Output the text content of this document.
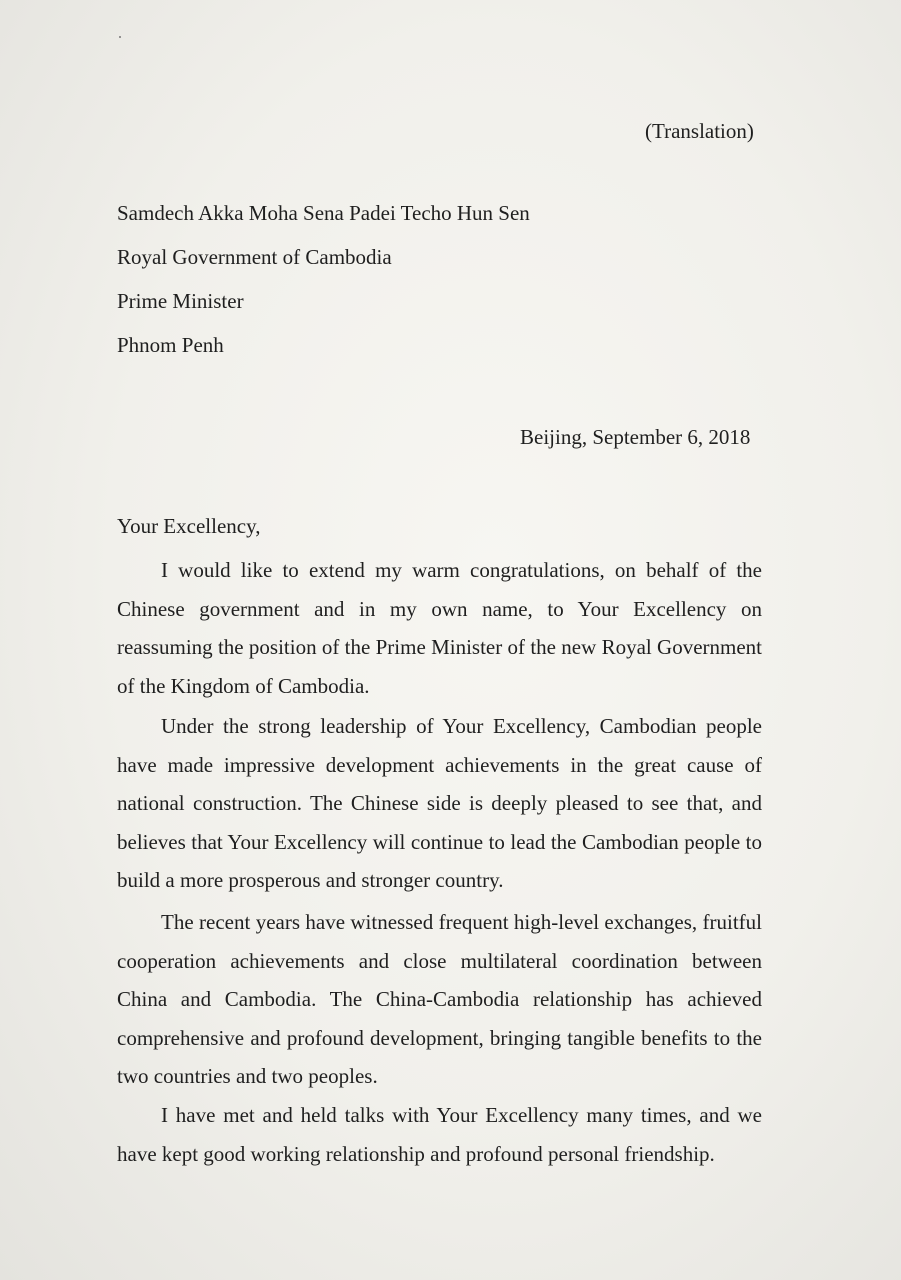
(Translation)
Samdech Akka Moha Sena Padei Techo Hun Sen
Royal Government of Cambodia
Prime Minister
Phnom Penh
Beijing, September 6, 2018
Your Excellency,

I would like to extend my warm congratulations, on behalf of the Chinese government and in my own name, to Your Excellency on reassuming the position of the Prime Minister of the new Royal Government of the Kingdom of Cambodia.

Under the strong leadership of Your Excellency, Cambodian people have made impressive development achievements in the great cause of national construction. The Chinese side is deeply pleased to see that, and believes that Your Excellency will continue to lead the Cambodian people to build a more prosperous and stronger country.

The recent years have witnessed frequent high-level exchanges, fruitful cooperation achievements and close multilateral coordination between China and Cambodia. The China-Cambodia relationship has achieved comprehensive and profound development, bringing tangible benefits to the two countries and two peoples.

I have met and held talks with Your Excellency many times, and we have kept good working relationship and profound personal friendship.
